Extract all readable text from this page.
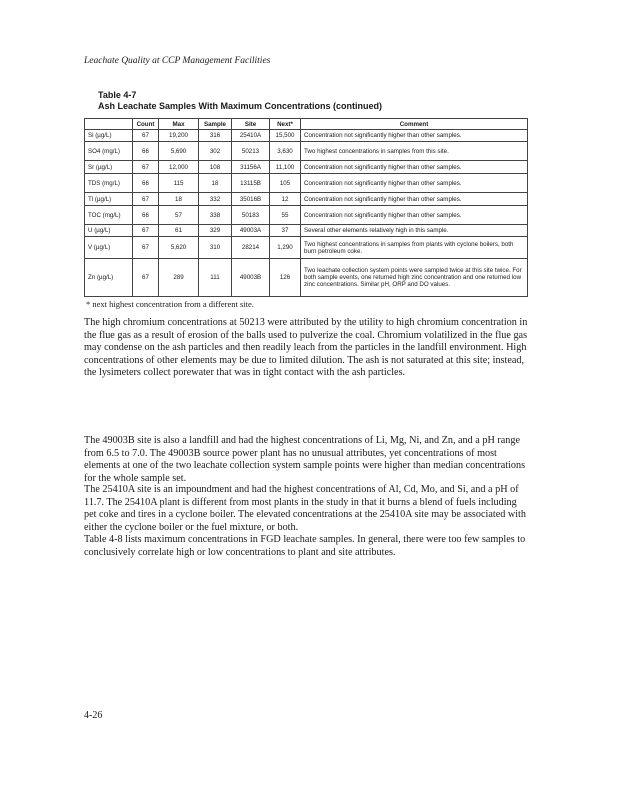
Leachate Quality at CCP Management Facilities
Table 4-7
Ash Leachate Samples With Maximum Concentrations (continued)
	Count	Max	Sample	Site	Next*	Comment
Si (µg/L)	67	19,200	316	25410A	15,500	Concentration not significantly higher than other samples.
SO4 (mg/L)	66	5,690	302	50213	3,630	Two highest concentrations in samples from this site.
Sr (µg/L)	67	12,000	108	31156A	11,100	Concentration not significantly higher than other samples.
TDS (mg/L)	66	115	18	13115B	105	Concentration not significantly higher than other samples.
Tl (µg/L)	67	18	332	35016B	12	Concentration not significantly higher than other samples.
TOC (mg/L)	66	57	338	50183	55	Concentration not significantly higher than other samples.
U (µg/L)	67	61	329	49003A	37	Several other elements relatively high in this sample.
V (µg/L)	67	5,620	310	28214	1,290	Two highest concentrations in samples from plants with cyclone boilers, both burn petroleum coke.
Zn (µg/L)	67	289	111	49003B	126	Two leachate collection system points were sampled twice at this site twice. For both sample events, one returned high zinc concentration and one returned low zinc concentrations. Similar pH, ORP and DO values.
* next highest concentration from a different site.

The high chromium concentrations at 50213 were attributed by the utility to high chromium concentration in the flue gas as a result of erosion of the balls used to pulverize the coal. Chromium volatilized in the flue gas may condense on the ash particles and then readily leach from the particles in the landfill environment. High concentrations of other elements may be due to limited dilution. The ash is not saturated at this site; instead, the lysimeters collect porewater that was in tight contact with the ash particles.

The 49003B site is also a landfill and had the highest concentrations of Li, Mg, Ni, and Zn, and a pH range from 6.5 to 7.0. The 49003B source power plant has no unusual attributes, yet concentrations of most elements at one of the two leachate collection system sample points were higher than median concentrations for the whole sample set.

The 25410A site is an impoundment and had the highest concentrations of Al, Cd, Mo, and Si, and a pH of 11.7. The 25410A plant is different from most plants in the study in that it burns a blend of fuels including pet coke and tires in a cyclone boiler. The elevated concentrations at the 25410A site may be associated with either the cyclone boiler or the fuel mixture, or both.

Table 4-8 lists maximum concentrations in FGD leachate samples. In general, there were too few samples to conclusively correlate high or low concentrations to plant and site attributes.

4-26
